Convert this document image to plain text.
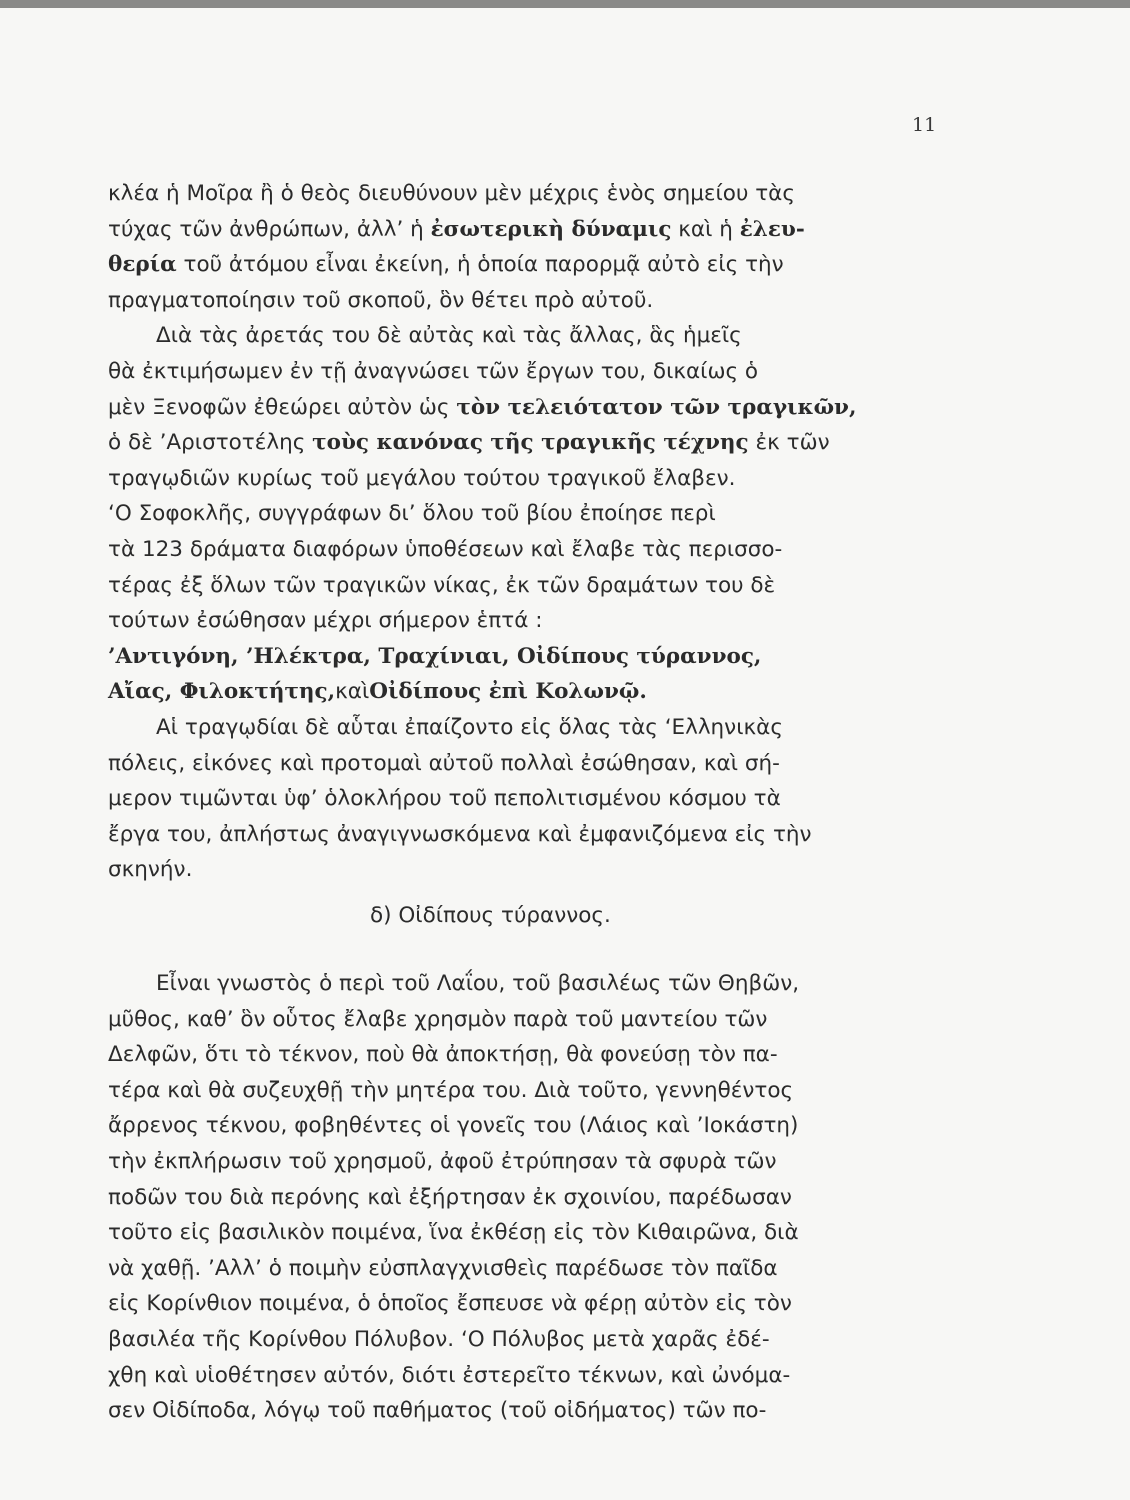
11
κλέα ἡ Μοῖρα ἢ ὁ θεὸς διευθύνουν μὲν μέχρις ἑνὸς σημείου τὰς
τύχας τῶν ἀνθρώπων, ἀλλ’ ἡ
ἐσωτερικὴ δύναμις
καὶ ἡ
ἐλευ-
θερία
τοῦ ἀτόμου εἶναι ἐκείνη, ἡ ὁποία παρορμᾷ αὐτὸ εἰς τὴν
πραγματοποίησιν τοῦ σκοποῦ, ὃν θέτει πρὸ αὐτοῦ.
Διὰ τὰς ἀρετάς του δὲ αὐτὰς καὶ τὰς ἄλλας, ἃς ἡμεῖς
θὰ ἐκτιμήσωμεν ἐν τῇ ἀναγνώσει τῶν ἔργων του, δικαίως ὁ
μὲν Ξενοφῶν ἐθεώρει αὐτὸν ὡς
τὸν τελειότατον τῶν τραγικῶν,
ὁ δὲ ’Αριστοτέλης
τοὺς κανόνας τῆς τραγικῆς τέχνης
ἐκ τῶν
τραγῳδιῶν κυρίως τοῦ μεγάλου τούτου τραγικοῦ ἔλαβεν.
‘Ο Σοφοκλῆς, συγγράφων δι’ ὅλου τοῦ βίου ἐποίησε περὶ
τὰ 123 δράματα διαφόρων ὑποθέσεων καὶ ἔλαβε τὰς περισσο-
τέρας ἐξ ὅλων τῶν τραγικῶν νίκας, ἐκ τῶν δραμάτων του δὲ
τούτων ἐσώθησαν μέχρι σήμερον ἑπτά :
’Αντιγόνη, ’Ηλέκτρα, Τραχίνιαι, Οἰδίπους τύραννος,
Αἴας, Φιλοκτήτης, καὶ Οἰδίπους ἐπὶ Κολωνῷ.
Αἱ τραγῳδίαι δὲ αὗται ἐπαίζοντο εἰς ὅλας τὰς ‘Ελληνικὰς
πόλεις, εἰκόνες καὶ προτομαὶ αὐτοῦ πολλαὶ ἐσώθησαν, καὶ σή-
μερον τιμῶνται ὑφ’ ὁλοκλήρου τοῦ πεπολιτισμένου κόσμου τὰ
ἔργα του, ἀπλήστως ἀναγιγνωσκόμενα καὶ ἐμφανιζόμενα εἰς τὴν
σκηνήν.
δ) Οἰδίπους τύραννος.
Εἶναι γνωστὸς ὁ περὶ τοῦ Λαΐου, τοῦ βασιλέως τῶν Θηβῶν,
μῦθος, καθ’ ὃν οὗτος ἔλαβε χρησμὸν παρὰ τοῦ μαντείου τῶν
Δελφῶν, ὅτι τὸ τέκνον, ποὺ θὰ ἀποκτήσῃ, θὰ φονεύσῃ τὸν πα-
τέρα καὶ θὰ συζευχθῇ τὴν μητέρα του. Διὰ τοῦτο, γεννηθέντος
ἄρρενος τέκνου, φοβηθέντες οἱ γονεῖς του (Λάιος καὶ ’Ιοκάστη)
τὴν ἐκπλήρωσιν τοῦ χρησμοῦ, ἀφοῦ ἐτρύπησαν τὰ σφυρὰ τῶν
ποδῶν του διὰ περόνης καὶ ἐξήρτησαν ἐκ σχοινίου, παρέδωσαν
τοῦτο εἰς βασιλικὸν ποιμένα, ἵνα ἐκθέσῃ εἰς τὸν Κιθαιρῶνα, διὰ
νὰ χαθῇ. ’Αλλ’ ὁ ποιμὴν εὐσπλαγχνισθεὶς παρέδωσε τὸν παῖδα
εἰς Κορίνθιον ποιμένα, ὁ ὁποῖος ἔσπευσε νὰ φέρῃ αὐτὸν εἰς τὸν
βασιλέα τῆς Κορίνθου Πόλυβον. ‘Ο Πόλυβος μετὰ χαρᾶς ἐδέ-
χθη καὶ υἱοθέτησεν αὐτόν, διότι ἐστερεῖτο τέκνων, καὶ ὠνόμα-
σεν Οἰδίποδα, λόγῳ τοῦ παθήματος (τοῦ οἰδήματος) τῶν πο-
